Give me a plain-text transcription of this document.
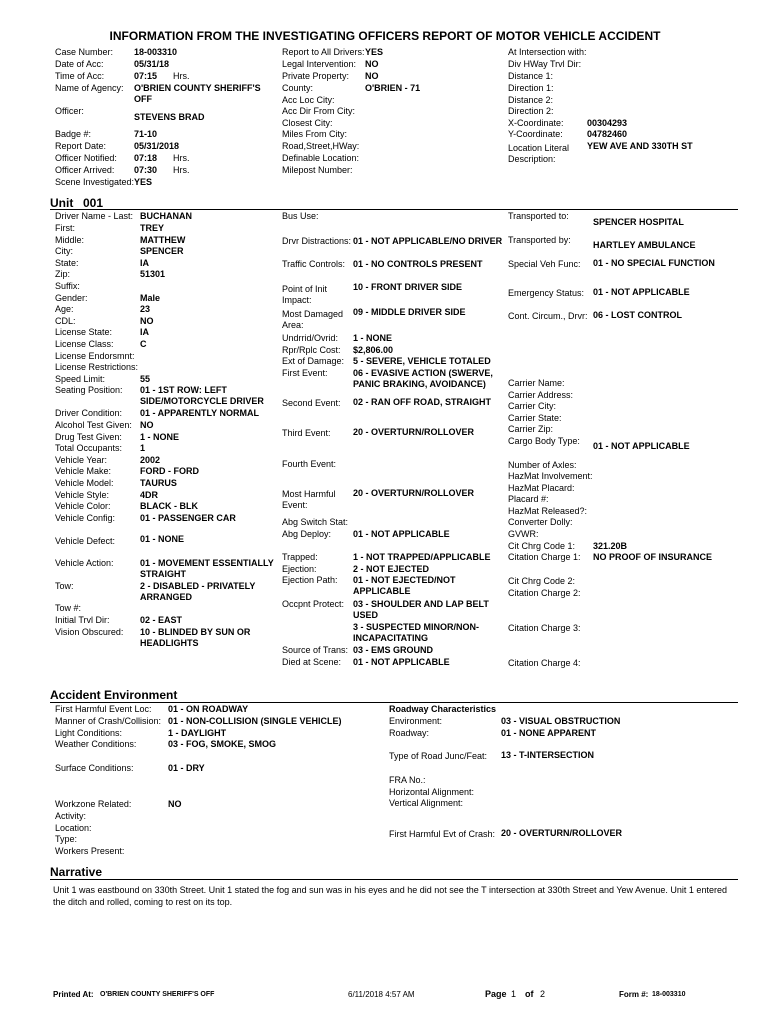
INFORMATION FROM THE INVESTIGATING OFFICERS REPORT OF MOTOR VEHICLE ACCIDENT
Case Number: 18-003310
Date of Acc:	05/31/18
Time of Acc:	07:15 Hrs.
Name of Agency: O'BRIEN COUNTY SHERIFF'S OFF
Officer:
STEVENS BRAD
Badge #:	71-10
Report Date:	05/31/2018
Officer Notified: 07:18 Hrs.
Officer Arrived: 07:30 Hrs.
Scene Investigated: YES
Report to All Drivers: YES
Legal Intervention: NO
Private Property: NO
County:	O'BRIEN - 71
Acc Loc City:
Acc Dir From City:
Closest City:
Miles From City:
Road,Street,HWay:
Definable Location:
Milepost Number:
At Intersection with:
Div HWay Trvl Dir:
Distance 1:
Direction 1:
Distance 2:
Direction 2:
X-Coordinate:	00304293
Y-Coordinate:	04782460
Location Literal YEW AVE AND 330TH ST
Description:
Unit 001
Driver Name - Last: BUCHANAN
First:	TREY
Middle:	MATTHEW
City:	SPENCER
State:	IA
Zip:	51301
Suffix:
Gender:	Male
Age:	23
CDL:	NO
License State:	IA
License Class:	C
License Endorsmnt:
License Restrictions:
Speed Limit:	55
Seating Position: 01 - 1ST ROW: LEFT SIDE/MOTORCYCLE DRIVER
Driver Condition: 01 - APPARENTLY NORMAL
Alcohol Test Given: NO
Drug Test Given: 1 - NONE
Total Occupants: 1
Vehicle Year:	2002
Vehicle Make:	FORD - FORD
Vehicle Model:	TAURUS
Vehicle Style:	4DR
Vehicle Color:	BLACK - BLK
Vehicle Config:	01 - PASSENGER CAR
Vehicle Defect:	01 - NONE
Vehicle Action:	01 - MOVEMENT ESSENTIALLY STRAIGHT
Tow:	2 - DISABLED - PRIVATELY ARRANGED
Tow #:
Initial Trvl Dir:	02 - EAST
Vision Obscured: 10 - BLINDED BY SUN OR HEADLIGHTS
Bus Use:
Drvr Distractions: 01 - NOT APPLICABLE/NO DRIVER
Traffic Controls: 01 - NO CONTROLS PRESENT
Point of Init Impact:
10 - FRONT DRIVER SIDE
Most Damaged Area:
09 - MIDDLE DRIVER SIDE
Undrrid/Ovrid: 1 - NONE
Rpr/Rplc Cost: $2,806.00
Ext of Damage: 5 - SEVERE, VEHICLE TOTALED
First Event:	06 - EVASIVE ACTION (SWERVE, PANIC BRAKING, AVOIDANCE)
Second Event: 02 - RAN OFF ROAD, STRAIGHT
Third Event: 20 - OVERTURN/ROLLOVER
Fourth Event:
Most Harmful Event:
20 - OVERTURN/ROLLOVER
Abg Switch Stat:
Abg Deploy: 01 - NOT APPLICABLE
Trapped:	1 - NOT TRAPPED/APPLICABLE
Ejection:	2 - NOT EJECTED
Ejection Path: 01 - NOT EJECTED/NOT APPLICABLE
Occpnt Protect: 03 - SHOULDER AND LAP BELT USED
3 - SUSPECTED MINOR/NON-INCAPACITATING
Source of Trans: 03 - EMS GROUND
Died at Scene: 01 - NOT APPLICABLE
Transported to:
SPENCER HOSPITAL
Transported by: HARTLEY AMBULANCE
Special Veh Func: 01 - NO SPECIAL FUNCTION
Emergency Status: 01 - NOT APPLICABLE
Cont. Circum., Drvr: 06 - LOST CONTROL
Carrier Name:
Carrier Address:
Carrier City:
Carrier State:
Carrier Zip:
Cargo Body Type: 01 - NOT APPLICABLE
Number of Axles:
HazMat Involvement:
HazMat Placard:
Placard #:
HazMat Released?:
Converter Dolly:
GVWR:
Cit Chrg Code 1: 321.20B
Citation Charge 1: NO PROOF OF INSURANCE
Cit Chrg Code 2:
Citation Charge 2:
Citation Charge 3:
Citation Charge 4:
Accident Environment
First Harmful Event Loc: 01 - ON ROADWAY
Manner of Crash/Collision: 01 - NON-COLLISION (SINGLE VEHICLE)
Light Conditions:	1 - DAYLIGHT
Weather Conditions:	03 - FOG, SMOKE, SMOG
Surface Conditions:	01 - DRY
Workzone Related:	NO
Activity:
Location:
Type:
Workers Present:
Roadway Characteristics
Environment:	03 - VISUAL OBSTRUCTION
Roadway:	01 - NONE APPARENT
Type of Road Junc/Feat: 13 - T-INTERSECTION
FRA No.:
Horizontal Alignment:
Vertical Alignment:
First Harmful Evt of Crash: 20 - OVERTURN/ROLLOVER
Narrative
Unit 1 was eastbound on 330th Street. Unit 1 stated the fog and sun was in his eyes and he did not see the T intersection at 330th Street and Yew Avenue. Unit 1 entered the ditch and rolled, coming to rest on its top.
Printed At: O'BRIEN COUNTY SHERIFF'S OFF	6/11/2018 4:57 AM	Page 1 of 2	Form #: 18-003310
